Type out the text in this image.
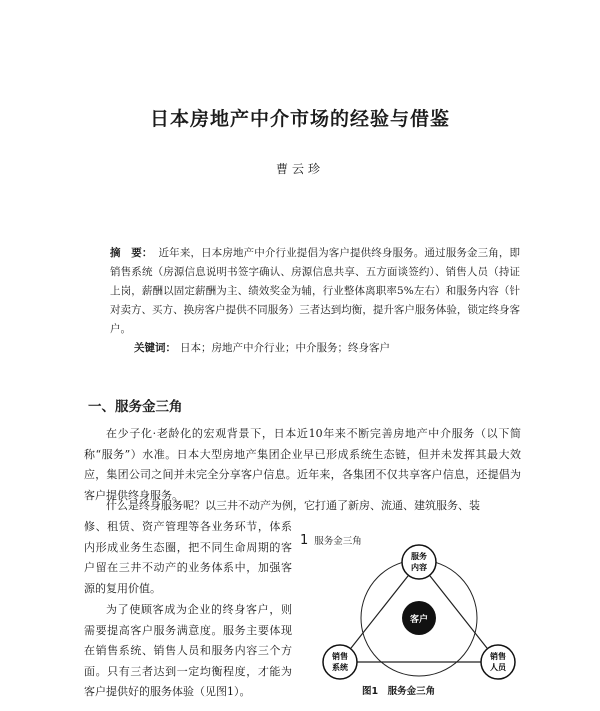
日本房地产中介市场的经验与借鉴
曹云珍
摘　要： 近年来，日本房地产中介行业提倡为客户提供终身服务。通过服务金三角，即销售系统（房源信息说明书签字确认、房源信息共享、五方面谈签约）、销售人员（持证上岗，薪酬以固定薪酬为主、绩效奖金为辅，行业整体离职率5%左右）和服务内容（针对卖方、买方、换房客户提供不同服务）三者达到均衡，提升客户服务体验，锁定终身客户。
关键词： 日本；房地产中介行业；中介服务；终身客户
一、服务金三角

在少子化·老龄化的宏观背景下，日本近10年来不断完善房地产中介服务（以下简称“服务”）水准。日本大型房地产集团企业早已形成系统生态链，但并未发挥其最大效应，集团公司之间并未完全分享客户信息。近年来，各集团不仅共享客户信息，还提倡为客户提供终身服务。

什么是终身服务呢？以三井不动产为例，它打通了新房、流通、建筑服务、装

修、租赁、资产管理等各业务环节，体系内形成业务生态圈，把不同生命周期的客户留在三井不动产的业务体系中，加强客源的复用价值。

为了使顾客成为企业的终身客户，则需要提高客户服务满意度。服务主要体现在销售系统、销售人员和服务内容三个方面。只有三者达到一定均衡程度，才能为客户提供好的服务体验（见图1）。

1 服务金三角
客户
服务
内容
销售
系统
销售
人员
图1　服务金三角
